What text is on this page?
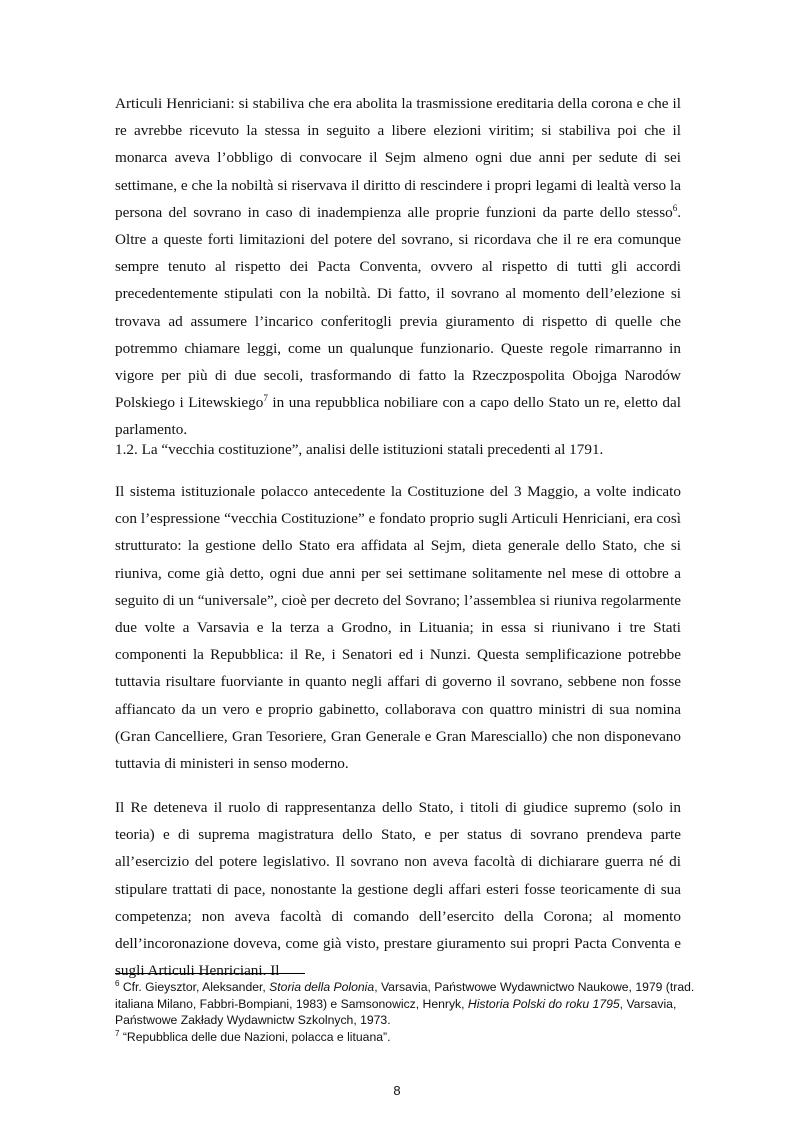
Articuli Henriciani: si stabiliva che era abolita la trasmissione ereditaria della corona e che il re avrebbe ricevuto la stessa in seguito a libere elezioni viritim; si stabiliva poi che il monarca aveva l’obbligo di convocare il Sejm almeno ogni due anni per sedute di sei settimane, e che la nobiltà si riservava il diritto di rescindere i propri legami di lealtà verso la persona del sovrano in caso di inadempienza alle proprie funzioni da parte dello stesso$^6$. Oltre a queste forti limitazioni del potere del sovrano, si ricordava che il re era comunque sempre tenuto al rispetto dei Pacta Conventa, ovvero al rispetto di tutti gli accordi precedentemente stipulati con la nobiltà. Di fatto, il sovrano al momento dell’elezione si trovava ad assumere l’incarico conferitogli previa giuramento di rispetto di quelle che potremmo chiamare leggi, come un qualunque funzionario. Queste regole rimarranno in vigore per più di due secoli, trasformando di fatto la Rzeczpospolita Obojga Narodów Polskiego i Litewskiego$^7$ in una repubblica nobiliare con a capo dello Stato un re, eletto dal parlamento.

1.2. La “vecchia costituzione”, analisi delle istituzioni statali precedenti al 1791.

Il sistema istituzionale polacco antecedente la Costituzione del 3 Maggio, a volte indicato con l’espressione “vecchia Costituzione” e fondato proprio sugli Articuli Henriciani, era così strutturato: la gestione dello Stato era affidata al Sejm, dieta generale dello Stato, che si riuniva, come già detto, ogni due anni per sei settimane solitamente nel mese di ottobre a seguito di un “universale”, cioè per decreto del Sovrano; l’assemblea si riuniva regolarmente due volte a Varsavia e la terza a Grodno, in Lituania; in essa si riunivano i tre Stati componenti la Repubblica: il Re, i Senatori ed i Nunzi. Questa semplificazione potrebbe tuttavia risultare fuorviante in quanto negli affari di governo il sovrano, sebbene non fosse affiancato da un vero e proprio gabinetto, collaborava con quattro ministri di sua nomina (Gran Cancelliere, Gran Tesoriere, Gran Generale e Gran Maresciallo) che non disponevano tuttavia di ministeri in senso moderno.

Il Re deteneva il ruolo di rappresentanza dello Stato, i titoli di giudice supremo (solo in teoria) e di suprema magistratura dello Stato, e per status di sovrano prendeva parte all’esercizio del potere legislativo. Il sovrano non aveva facoltà di dichiarare guerra né di stipulare trattati di pace, nonostante la gestione degli affari esteri fosse teoricamente di sua competenza; non aveva facoltà di comando dell’esercito della Corona; al momento dell’incoronazione doveva, come già visto, prestare giuramento sui propri Pacta Conventa e sugli Articuli Henriciani. Il

$^6$ Cfr. Gieysztor, Aleksander, Storia della Polonia, Varsavia, Państwowe Wydawnictwo Naukowe, 1979 (trad. italiana Milano, Fabbri-Bompiani, 1983) e Samsonowicz, Henryk, Historia Polski do roku 1795, Varsavia, Państwowe Zakłady Wydawnictw Szkolnych, 1973.

$^7$ “Repubblica delle due Nazioni, polacca e lituana”.

8
